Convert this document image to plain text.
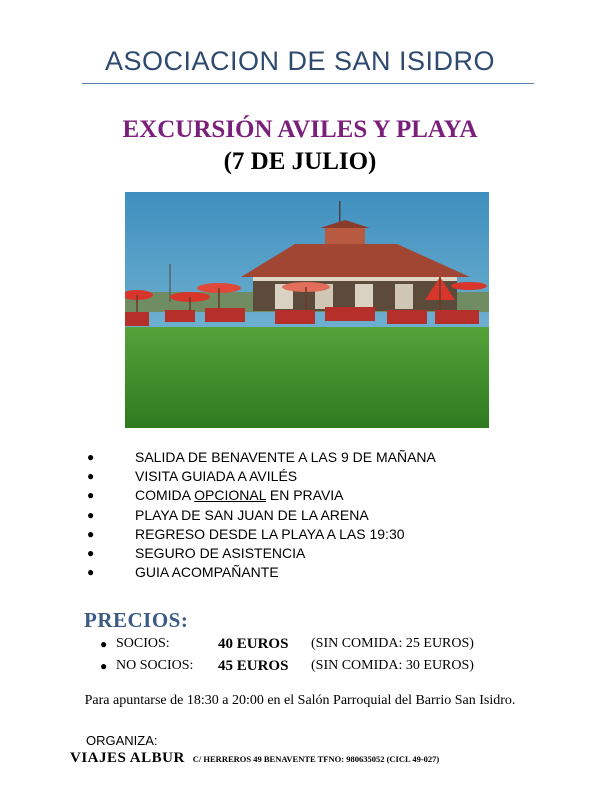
ASOCIACION DE SAN ISIDRO
EXCURSIÓN AVILES Y PLAYA
(7 DE JULIO)
●	SALIDA DE BENAVENTE A LAS 9 DE MAÑANA
●	VISITA GUIADA A AVILÉS
●	COMIDA OPCIONAL EN PRAVIA
●	PLAYA DE SAN JUAN DE LA ARENA
●	REGRESO DESDE LA PLAYA A LAS 19:30
●	SEGURO DE ASISTENCIA
●	GUIA ACOMPAÑANTE
PRECIOS:
● SOCIOS:	40 EUROS (SIN COMIDA: 25 EUROS)
● NO SOCIOS: 45 EUROS (SIN COMIDA: 30 EUROS)
Para apuntarse de 18:30 a 20:00 en el Salón Parroquial del Barrio San Isidro.
ORGANIZA:
VIAJES ALBUR C/ HERREROS 49 BENAVENTE TFNO: 980635052 (CICL 49-027)
